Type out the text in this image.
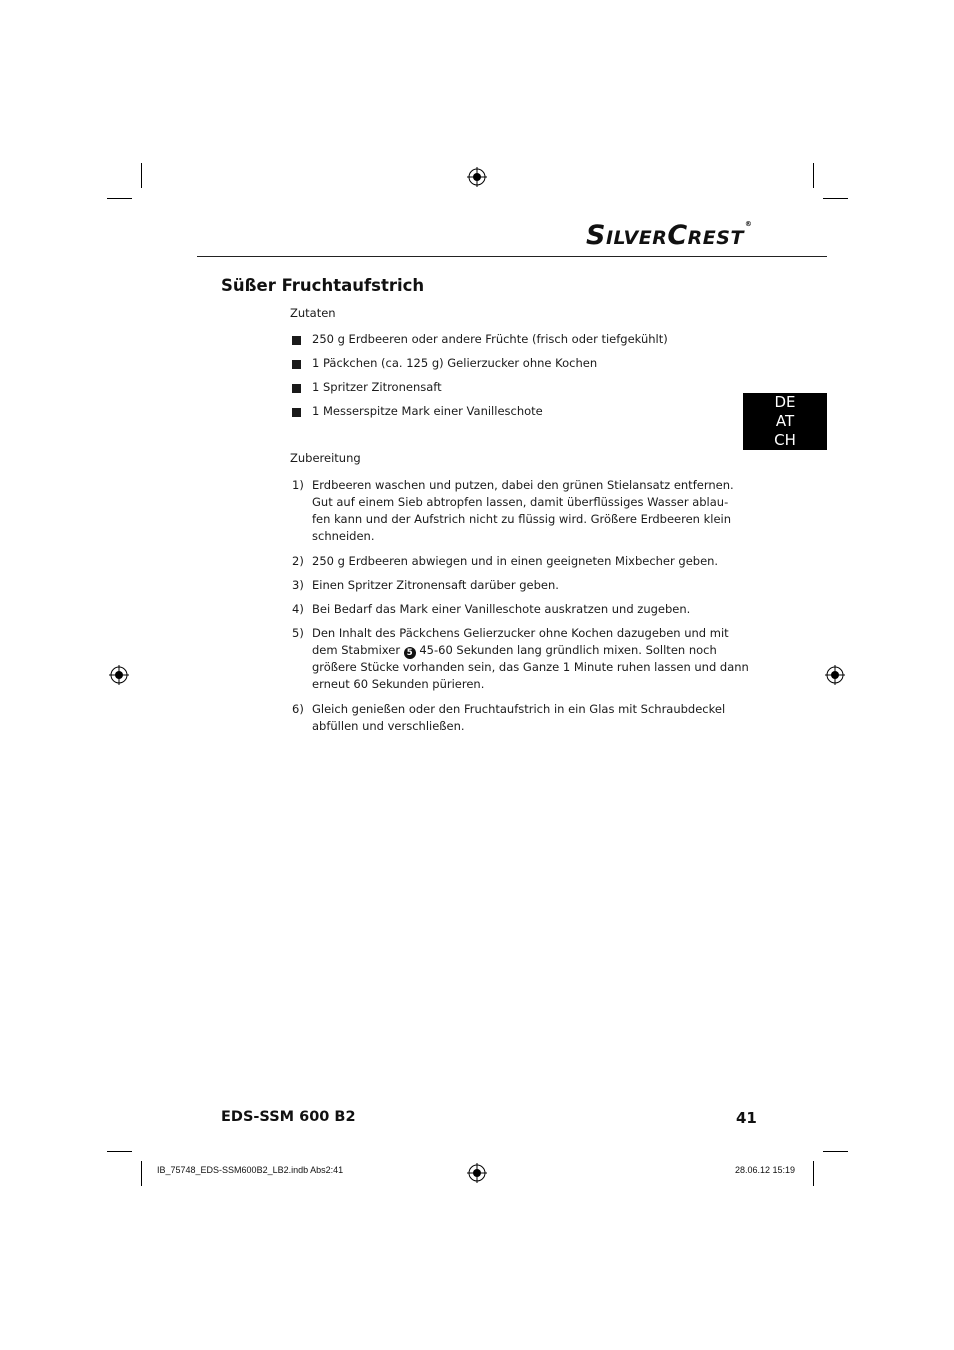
SILVERCREST®
Süßer Fruchtaufstrich
Zutaten
250 g Erdbeeren oder andere Früchte (frisch oder tiefgekühlt)
1 Päckchen (ca. 125 g) Gelierzucker ohne Kochen
1 Spritzer Zitronensaft
1 Messerspitze Mark einer Vanilleschote	DE
AT
CH
Zubereitung
1) Erdbeeren waschen und putzen, dabei den grünen Stielansatz entfernen.
Gut auf einem Sieb abtropfen lassen, damit überflüssiges Wasser ablau-
fen kann und der Aufstrich nicht zu flüssig wird. Größere Erdbeeren klein
schneiden.
2) 250 g Erdbeeren abwiegen und in einen geeigneten Mixbecher geben.
3) Einen Spritzer Zitronensaft darüber geben.
4) Bei Bedarf das Mark einer Vanilleschote auskratzen und zugeben.
5) Den Inhalt des Päckchens Gelierzucker ohne Kochen dazugeben und mit
dem Stabmixer 5 45-60 Sekunden lang gründlich mixen. Sollten noch
größere Stücke vorhanden sein, das Ganze 1 Minute ruhen lassen und dann
erneut 60 Sekunden pürieren.
6) Gleich genießen oder den Fruchtaufstrich in ein Glas mit Schraubdeckel
abfüllen und verschließen.
EDS-SSM 600 B2	41
IB_75748_EDS-SSM600B2_LB2.indb Abs2:41	28.06.12 15:19
